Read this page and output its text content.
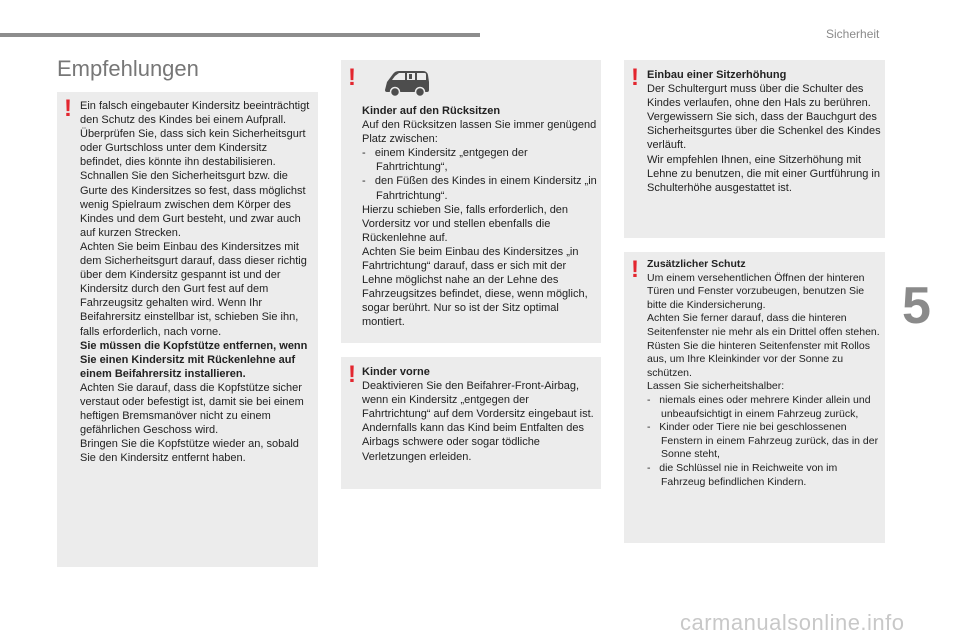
Sicherheit
5
Empfehlungen
! Ein falsch eingebauter Kindersitz beeinträchtigt den Schutz des Kindes bei einem Aufprall.

Überprüfen Sie, dass sich kein Sicherheitsgurt oder Gurtschloss unter dem Kindersitz befindet, dies könnte ihn destabilisieren.

Schnallen Sie den Sicherheitsgurt bzw. die Gurte des Kindersitzes so fest, dass möglichst wenig Spielraum zwischen dem Körper des Kindes und dem Gurt besteht, und zwar auch auf kurzen Strecken.

Achten Sie beim Einbau des Kindersitzes mit dem Sicherheitsgurt darauf, dass dieser richtig über dem Kindersitz gespannt ist und der Kindersitz durch den Gurt fest auf dem Fahrzeugsitz gehalten wird. Wenn Ihr Beifahrersitz einstellbar ist, schieben Sie ihn, falls erforderlich, nach vorne.

Sie müssen die Kopfstütze entfernen, wenn Sie einen Kindersitz mit Rückenlehne auf einem Beifahrersitz installieren.

Achten Sie darauf, dass die Kopfstütze sicher verstaut oder befestigt ist, damit sie bei einem heftigen Bremsmanöver nicht zu einem gefährlichen Geschoss wird.

Bringen Sie die Kopfstütze wieder an, sobald Sie den Kindersitz entfernt haben.

!

Kinder auf den Rücksitzen

Auf den Rücksitzen lassen Sie immer genügend Platz zwischen:

-   einem Kindersitz „entgegen der Fahrtrichtung“,

-   den Füßen des Kindes in einem Kindersitz „in Fahrtrichtung“.

Hierzu schieben Sie, falls erforderlich, den Vordersitz vor und stellen ebenfalls die Rückenlehne auf.

Achten Sie beim Einbau des Kindersitzes „in Fahrtrichtung“ darauf, dass er sich mit der Lehne möglichst nahe an der Lehne des Fahrzeugsitzes befindet, diese, wenn möglich, sogar berührt. Nur so ist der Sitz optimal montiert.

! Kinder vorne

Deaktivieren Sie den Beifahrer-Front-Airbag, wenn ein Kindersitz „entgegen der Fahrtrichtung“ auf dem Vordersitz eingebaut ist.

Andernfalls kann das Kind beim Entfalten des Airbags schwere oder sogar tödliche Verletzungen erleiden.

! Einbau einer Sitzerhöhung

Der Schultergurt muss über die Schulter des Kindes verlaufen, ohne den Hals zu berühren.

Vergewissern Sie sich, dass der Bauchgurt des Sicherheitsgurtes über die Schenkel des Kindes verläuft.

Wir empfehlen Ihnen, eine Sitzerhöhung mit Lehne zu benutzen, die mit einer Gurtführung in Schulterhöhe ausgestattet ist.

! Zusätzlicher Schutz

Um einem versehentlichen Öffnen der hinteren Türen und Fenster vorzubeugen, benutzen Sie bitte die Kindersicherung.

Achten Sie ferner darauf, dass die hinteren Seitenfenster nie mehr als ein Drittel offen stehen.

Rüsten Sie die hinteren Seitenfenster mit Rollos aus, um Ihre Kleinkinder vor der Sonne zu schützen.

Lassen Sie sicherheitshalber:

-   niemals eines oder mehrere Kinder allein und unbeaufsichtigt in einem Fahrzeug zurück,

-   Kinder oder Tiere nie bei geschlossenen Fenstern in einem Fahrzeug zurück, das in der Sonne steht,

-   die Schlüssel nie in Reichweite von im Fahrzeug befindlichen Kindern.

carmanualsonline.info
